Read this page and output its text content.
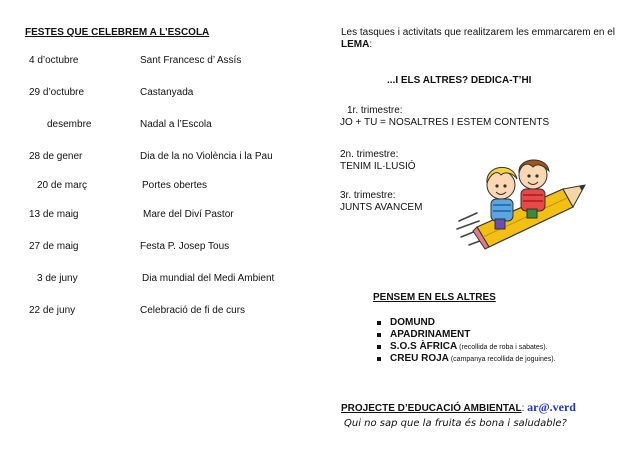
FESTES QUE CELEBREM A L’ESCOLA
4 d’octubre	Sant Francesc d’ Assís
29 d’octubre	Castanyada
desembre	Nadal a l’Escola
28 de gener	Dia de la no Violència i la Pau
20 de març	Portes obertes
13 de maig	Mare del Diví Pastor
27 de maig	Festa P. Josep Tous
3 de juny	Dia mundial del Medi Ambient
22 de juny	Celebració de fi de curs
Les tasques i activitats que realitzarem les emmarcarem en el
LEMA:
...I ELS ALTRES? DEDICA-T’HI
1r. trimestre:
JO + TU = NOSALTRES I ESTEM CONTENTS
2n. trimestre:
TENIM IL·LUSIÓ
3r. trimestre:
JUNTS AVANCEM
PENSEM EN ELS ALTRES
DOMUND
APADRINAMENT
S.O.S ÀFRICA (recollida de roba i sabates).
CREU ROJA (campanya recollida de joguines).
PROJECTE D’EDUCACIÓ AMBIENTAL: ar@.verd
Qui no sap que la fruita és bona i saludable?
